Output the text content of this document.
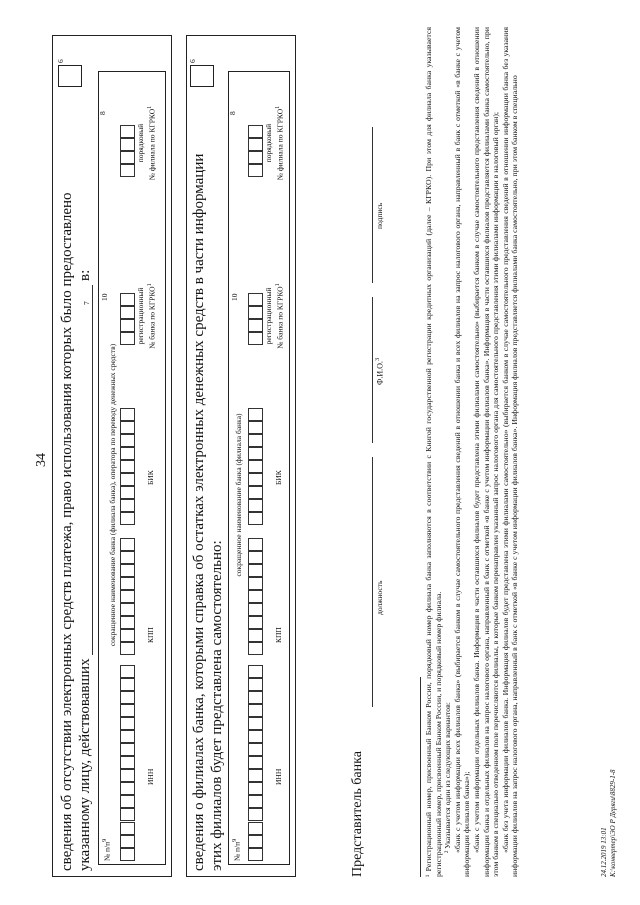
34 сведения об отсутствии электронных средств платежа, право использования которых было предоставлено указанному лицу, действовавших
7
в:
6
8
№ $п/п^9$
сокращенное наименование банка (филиала банка), оператора по переводу денежных средств)
10
ИНН
КПП
БИК
регистрационный № банка по КГРКО$^1$
порядковый № филиала по КГРКО$^1$
сведения о филиалах банка, которыми справка об остатках электронных денежных средств в части информации этих филиалов будет представлена самостоятельно:
6
8
№ $п/п^9$
сокращенное наименование банка (филиала банка)
10
ИНН
КПП
БИК
регистрационный № банка по КГРКО$^1$
порядковый № филиала по КГРКО$^1$
Представитель банка
должность
Ф.И.О.$^3$
подпись	¹ Регистрационный номер, присвоенный Банком России, порядковый номер филиала банка заполняются в соответствии с Книгой государственной регистрации кредитных организаций (далее – КГРКО). При этом для филиала банка указывается регистрационный номер, присвоенный Банком России, и порядковый номер филиала. ² Указывается один из следующих вариантов: «банк с учетом информации всех филиалов банка» (выбирается банком в случае самостоятельного представления сведений в отношении банка и всех филиалов на запрос налогового органа, направленный в банк с отметкой «в банке с учетом информации филиалов банка»); «банк с учетом информации отдельных филиалов банка. Информация в части оставшихся филиалов будет представлена этими филиалами самостоятельно» (выбирается банком в случае самостоятельного представления сведений в отношении информации банка и отдельных филиалов на запрос налогового органа, направленный в банк с отметкой «в банке с учетом информации филиалов банка». Информация в части оставшихся филиалов представляется филиалами банка самостоятельно, при этом банком в специально отведенном поле перечисляются филиалы, в которые банком перенаправлен указанный запрос налогового органа для самостоятельного представления этими филиалами информации в налоговый орган); «банк без учета информации филиалов банка. Информация филиалов будет представлена этими филиалами самостоятельно» (выбирается банком в случае самостоятельного представления сведений в отношении информации банка без указания информации филиалов на запрос налогового органа, направленный в банк с отметкой «в банке с учетом информации филиалов банка». Информация филиалов представляется филиалами банка самостоятельно, при этом банком в специально	24.12.2019 13:01 К:\конвертер\ЭО Р Деряги\8829-1-8
